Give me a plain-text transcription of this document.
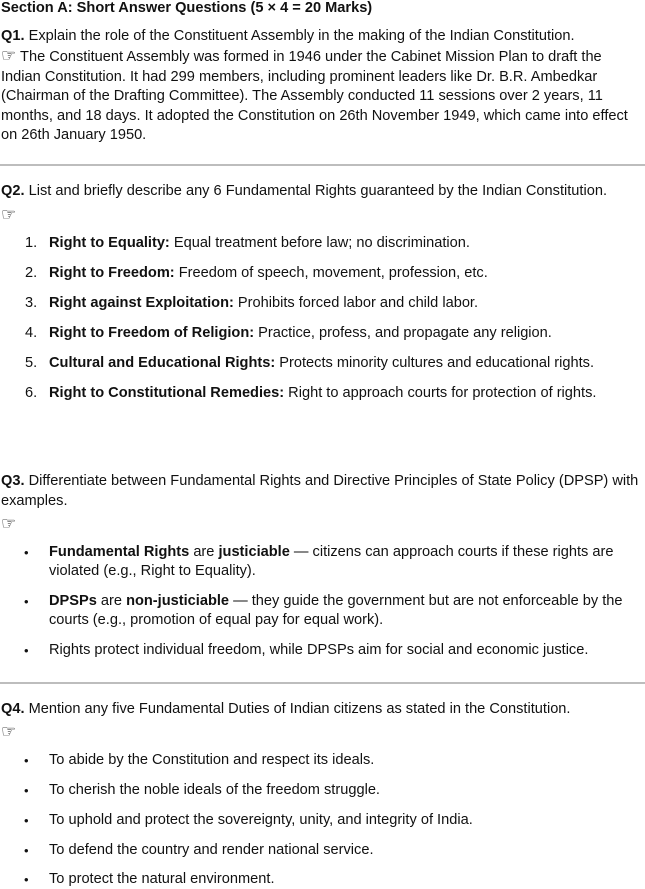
Section A: Short Answer Questions (5 × 4 = 20 Marks)
Q1. Explain the role of the Constituent Assembly in the making of the Indian Constitution.
☞ The Constituent Assembly was formed in 1946 under the Cabinet Mission Plan to draft the Indian Constitution. It had 299 members, including prominent leaders like Dr. B.R. Ambedkar (Chairman of the Drafting Committee). The Assembly conducted 11 sessions over 2 years, 11 months, and 18 days. It adopted the Constitution on 26th November 1949, which came into effect on 26th January 1950.
Q2. List and briefly describe any 6 Fundamental Rights guaranteed by the Indian Constitution.
☞
1. Right to Equality: Equal treatment before law; no discrimination.
2. Right to Freedom: Freedom of speech, movement, profession, etc.
3. Right against Exploitation: Prohibits forced labor and child labor.
4. Right to Freedom of Religion: Practice, profess, and propagate any religion.
5. Cultural and Educational Rights: Protects minority cultures and educational rights.
6. Right to Constitutional Remedies: Right to approach courts for protection of rights.
Q3. Differentiate between Fundamental Rights and Directive Principles of State Policy (DPSP) with examples.
☞
• Fundamental Rights are justiciable — citizens can approach courts if these rights are violated (e.g., Right to Equality).
• DPSPs are non-justiciable — they guide the government but are not enforceable by the courts (e.g., promotion of equal pay for equal work).
• Rights protect individual freedom, while DPSPs aim for social and economic justice.
Q4. Mention any five Fundamental Duties of Indian citizens as stated in the Constitution.
☞
• To abide by the Constitution and respect its ideals.
• To cherish the noble ideals of the freedom struggle.
• To uphold and protect the sovereignty, unity, and integrity of India.
• To defend the country and render national service.
• To protect the natural environment.
